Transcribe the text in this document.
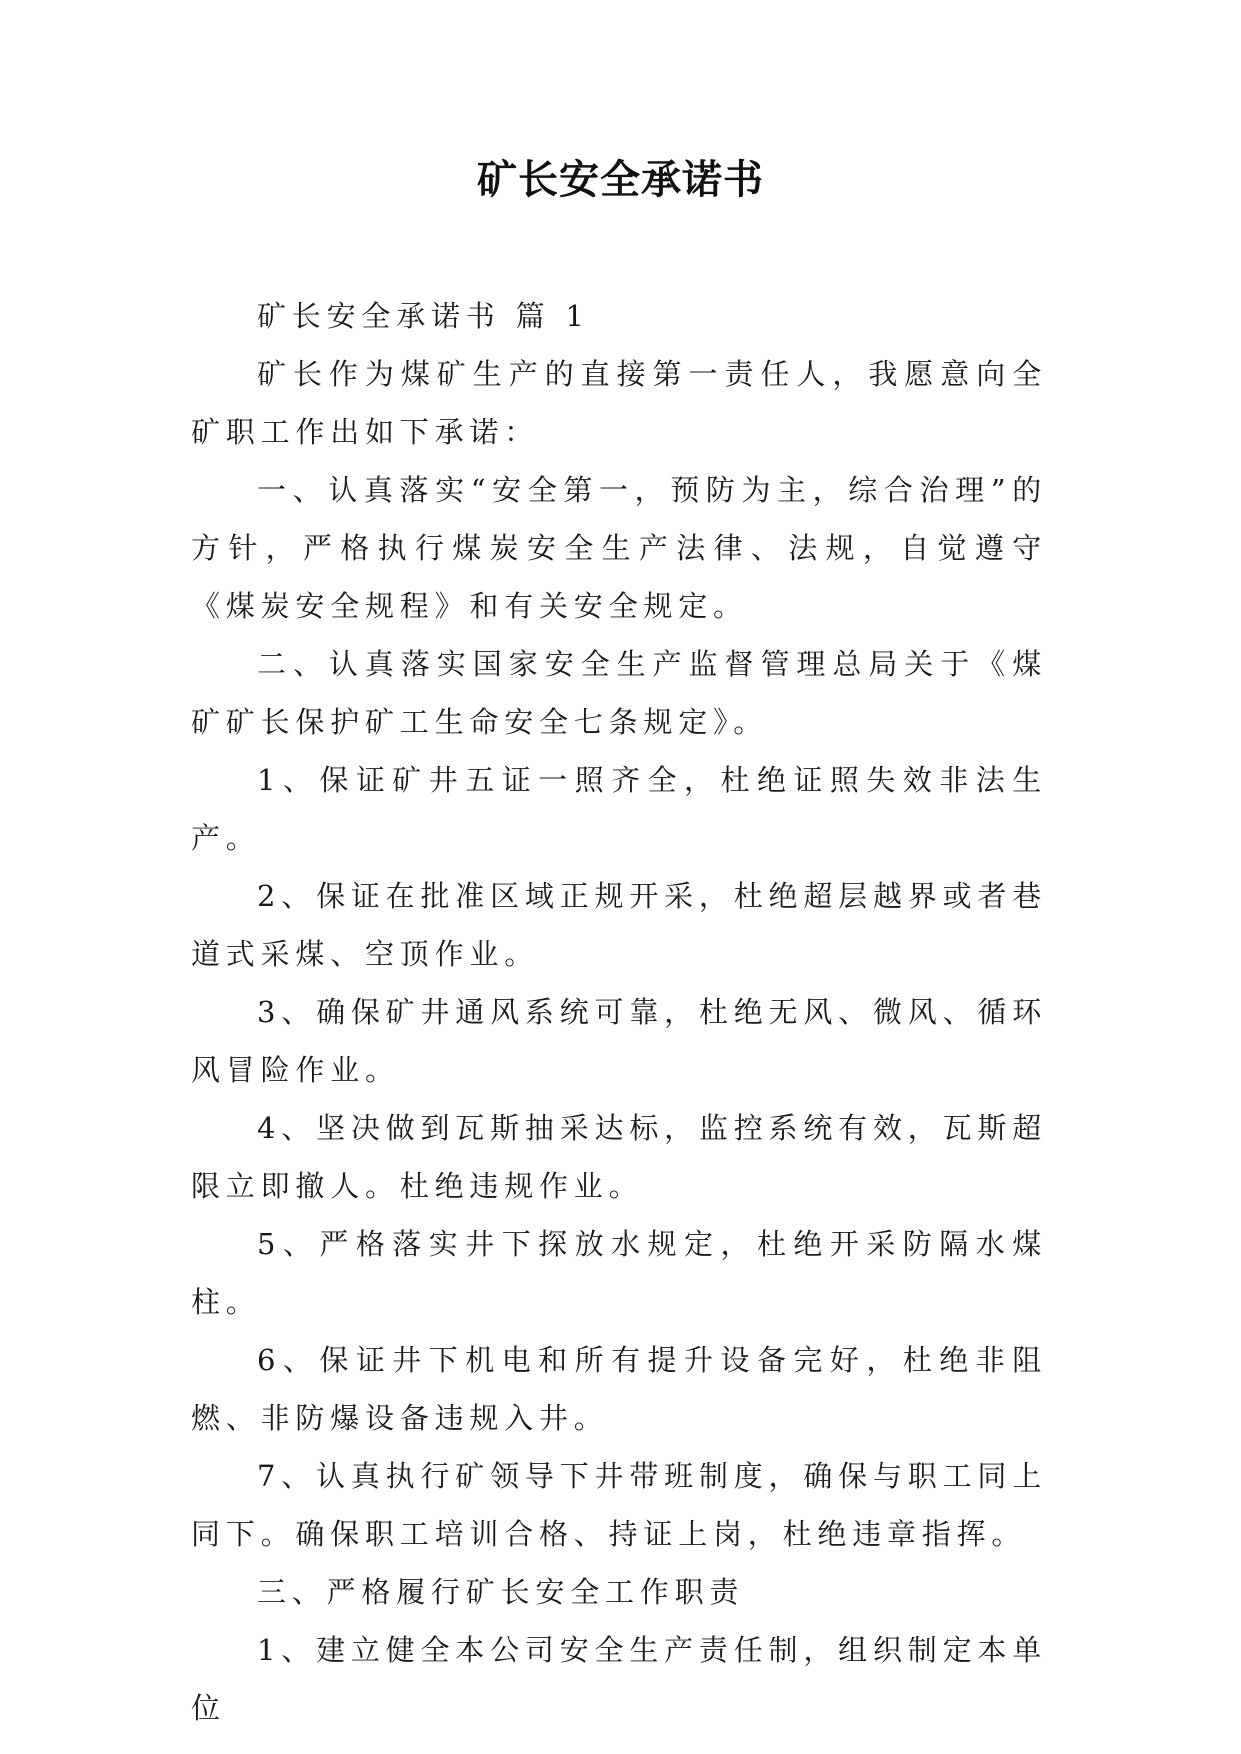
矿长安全承诺书

矿长安全承诺书 篇 1

矿长作为煤矿生产的直接第一责任人，我愿意向全矿职工作出如下承诺：

一、认真落实“安全第一，预防为主，综合治理”的方针，严格执行煤炭安全生产法律、法规，自觉遵守《煤炭安全规程》和有关安全规定。

二、认真落实国家安全生产监督管理总局关于《煤矿矿长保护矿工生命安全七条规定》。

1、保证矿井五证一照齐全，杜绝证照失效非法生产。

2、保证在批准区域正规开采，杜绝超层越界或者巷道式采煤、空顶作业。

3、确保矿井通风系统可靠，杜绝无风、微风、循环风冒险作业。

4、坚决做到瓦斯抽采达标，监控系统有效，瓦斯超限立即撤人。杜绝违规作业。

5、严格落实井下探放水规定，杜绝开采防隔水煤柱。

6、保证井下机电和所有提升设备完好，杜绝非阻燃、非防爆设备违规入井。

7、认真执行矿领导下井带班制度，确保与职工同上同下。确保职工培训合格、持证上岗，杜绝违章指挥。

三、严格履行矿长安全工作职责

1、建立健全本公司安全生产责任制，组织制定本单位
